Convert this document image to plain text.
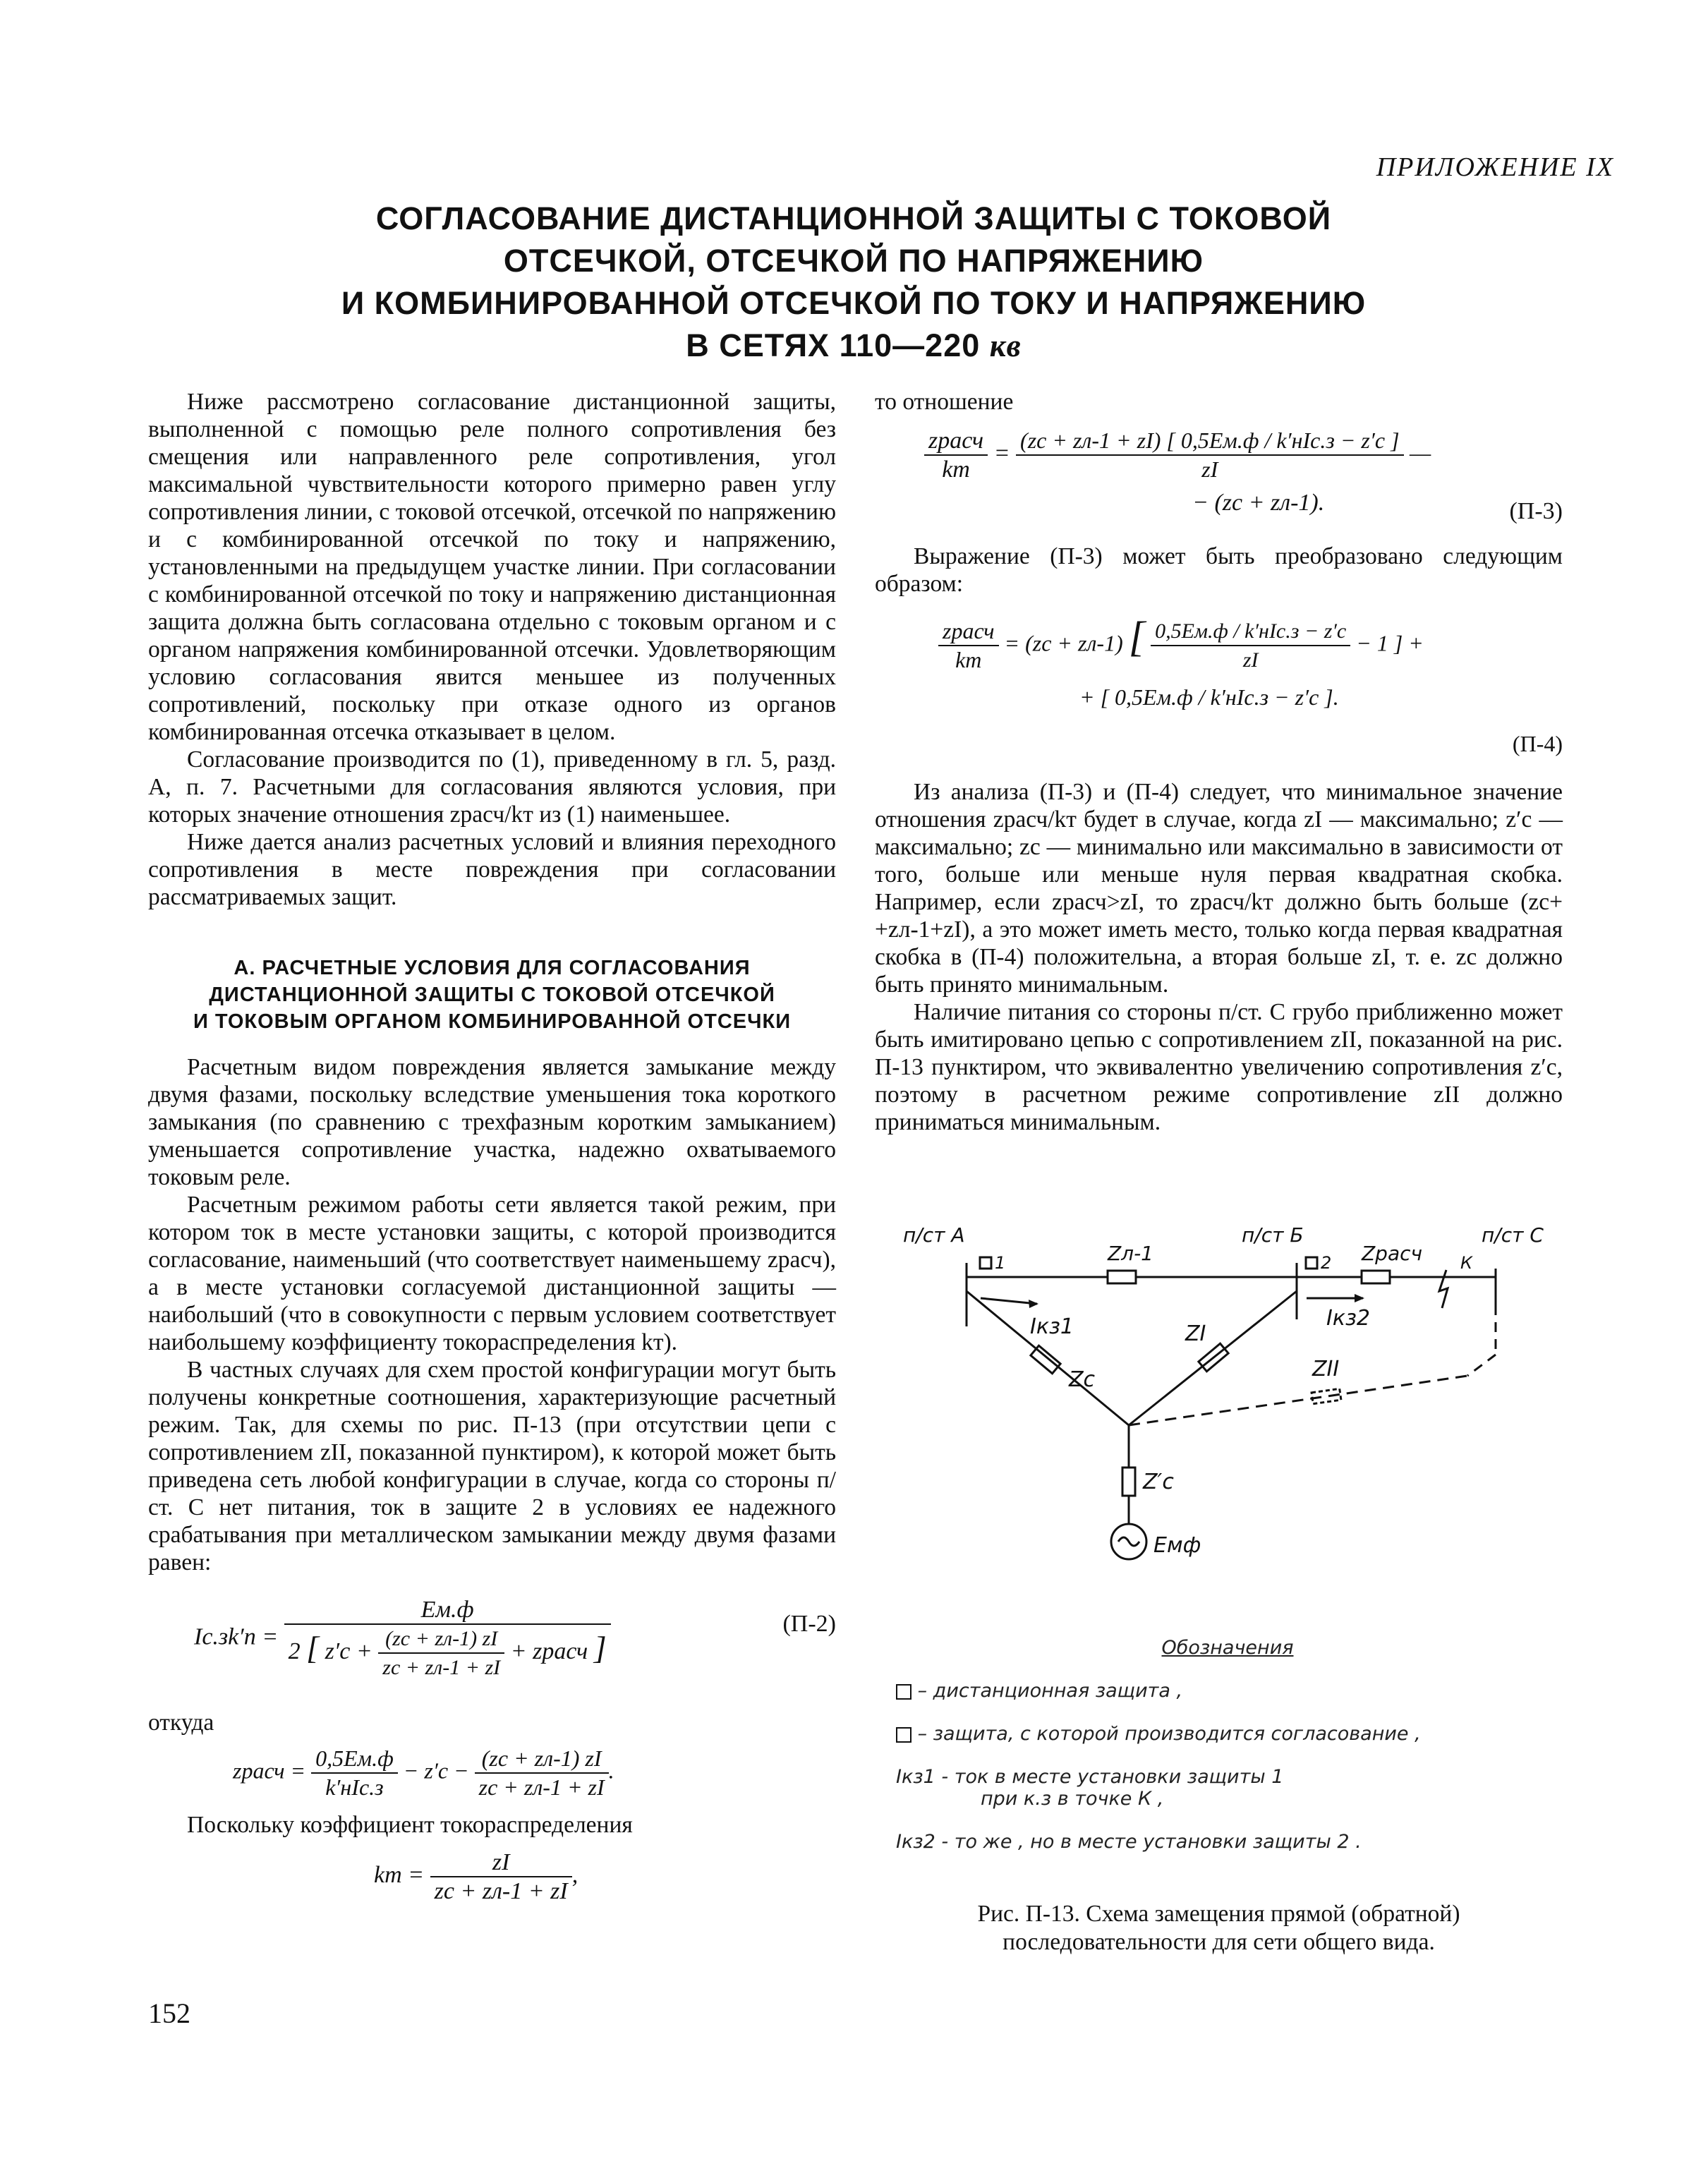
ПРИЛОЖЕНИЕ IX
СОГЛАСОВАНИЕ ДИСТАНЦИОННОЙ ЗАЩИТЫ С ТОКОВОЙ
ОТСЕЧКОЙ, ОТСЕЧКОЙ ПО НАПРЯЖЕНИЮ
И КОМБИНИРОВАННОЙ ОТСЕЧКОЙ ПО ТОКУ И НАПРЯЖЕНИЮ
В СЕТЯХ 110—220 кв

Ниже рассмотрено согласование дистанционной защиты, выполненной с помощью реле полного сопротивления без смещения или направленного реле сопротивления, угол максимальной чувствительности которого примерно равен углу сопротивления линии, с токовой отсечкой, отсечкой по напряжению и с комбинированной отсечкой по току и напряжению, установленными на предыдущем участке линии. При согласовании с комбинированной отсечкой по току и напряжению дистанционная защита должна быть согласована отдельно с токовым органом и с органом напряжения комбинированной отсечки. Удовлетворяющим условию согласования явится меньшее из полученных сопротивлений, поскольку при отказе одного из органов комбинированная отсечка отказывает в целом.

Согласование производится по (1), приведенному в гл. 5, разд. А, п. 7. Расчетными для согласования являются условия, при которых значение отношения zрасч/kт из (1) наименьшее.

Ниже дается анализ расчетных условий и влияния переходного сопротивления в месте повреждения при согласовании рассматриваемых защит.

А. РАСЧЕТНЫЕ УСЛОВИЯ ДЛЯ СОГЛАСОВАНИЯ
ДИСТАНЦИОННОЙ ЗАЩИТЫ С ТОКОВОЙ ОТСЕЧКОЙ
И ТОКОВЫМ ОРГАНОМ КОМБИНИРОВАННОЙ ОТСЕЧКИ

Расчетным видом повреждения является замыкание между двумя фазами, поскольку вследствие уменьшения тока короткого замыкания (по сравнению с трехфазным коротким замыканием) уменьшается сопротивление участка, надежно охватываемого токовым реле.

Расчетным режимом работы сети является такой режим, при котором ток в месте установки защиты, с которой производится согласование, наименьший (что соответствует наименьшему zрасч), а в месте установки согласуемой дистанционной защиты — наибольший (что в совокупности с первым условием соответствует наибольшему коэффициенту токораспределения kт).

В частных случаях для схем простой конфигурации могут быть получены конкретные соотношения, характеризующие расчетный режим. Так, для схемы по рис. П-13 (при отсутствии цепи с сопротивлением zII, показанной пунктиром), к которой может быть приведена сеть любой конфигурации в случае, когда со стороны п/ст. С нет питания, ток в защите 2 в условиях ее надежного срабатывания при металлическом замыкании между двумя фазами равен:

Ic.зk′п =
Eм.ф
2 [ $z'c + \frac{(zc + zл-1) zI}{zc + zл-1 + zI}$ + zрасч ]
(П-2)
откуда
zрасч = $\frac{0,5Eм.ф}{\text{k′нIc.з}} - z'c - \frac{(zc + zл-1) zI}{zc + zл-1 + zI}$ .

Поскольку коэффициент токораспределения

kт = $\frac{zI}{zc + zл-1 + zI}$ ,
то отношение
$\frac{\text{zрасч}}{kт} = \frac{\text{(zc + zл-1 + zI) [ 0,5Eм.ф / k′нIc.з − z′c ]}}{zI}$ —
− (zc + zл-1).	(П-3)

Выражение (П-3) может быть преобразовано следующим образом:

$\frac{\text{zрасч}}{kт} = (zc + zл-1)$ [ $\frac{\text{0,5Eм.ф / k′нIc.з − z′c}}{zI} - 1$ ] +
+ [ 0,5Eм.ф / k′нIc.з − z′c ].
(П-4)

Из анализа (П-3) и (П-4) следует, что минимальное значение отношения zрасч/kт будет в случае, когда zI — максимально; z′c — максимально; zc — минимально или максимально в зависимости от того, больше или меньше нуля первая квадратная скобка. Например, если zрасч>zI, то zрасч/kт должно быть больше (zc+ +zл-1+zI), а это может иметь место, только когда первая квадратная скобка в (П-4) положительна, а вторая больше zI, т. е. zc должно быть принято минимальным.

Наличие питания со стороны п/ст. С грубо приближенно может быть имитировано цепью с сопротивлением zII, показанной на рис. П-13 пунктиром, что эквивалентно увеличению сопротивления z′c, поэтому в расчетном режиме сопротивление zII должно приниматься минимальным.

п/ст А	п/ст Б	п/ст С
1	2
Zл-1	Zрасч К
Iкз1	Iкз2
Zc
ZI
ZII
Z′c
Eмф
Обозначения
– дистанционная защита ,
– защита, с которой производится согласование ,
Iкз1 - ток в месте установки защиты 1
при к.з в точке К ,
Iкз2 - то же , но в месте установки защиты 2 .
Рис. П-13. Схема замещения прямой (обратной) последовательности для сети общего вида.
152
